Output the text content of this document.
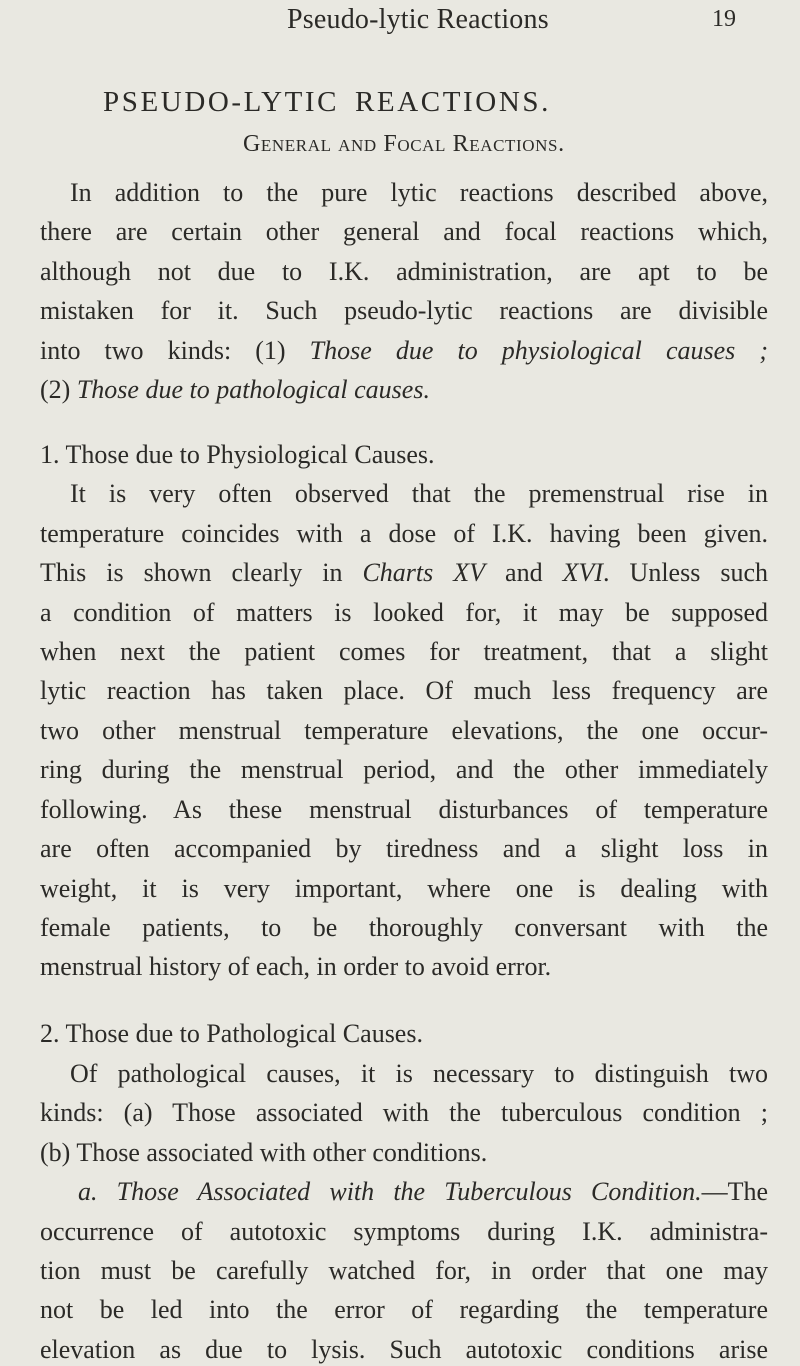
Pseudo-lytic Reactions	19
PSEUDO-LYTIC REACTIONS.
General and Focal Reactions.
In addition to the pure lytic reactions described above,
there are certain other general and focal reactions which,
although not due to I.K. administration, are apt to be
mistaken for it. Such pseudo-lytic reactions are divisible
into two kinds: (1) Those due to physiological causes ;
(2) Those due to pathological causes.
1. Those due to Physiological Causes.
It is very often observed that the premenstrual rise in
temperature coincides with a dose of I.K. having been given.
This is shown clearly in Charts XV and XVI. Unless such
a condition of matters is looked for, it may be supposed
when next the patient comes for treatment, that a slight
lytic reaction has taken place. Of much less frequency are
two other menstrual temperature elevations, the one occur-
ring during the menstrual period, and the other immediately
following. As these menstrual disturbances of temperature
are often accompanied by tiredness and a slight loss in
weight, it is very important, where one is dealing with
female patients, to be thoroughly conversant with the
menstrual history of each, in order to avoid error.
2. Those due to Pathological Causes.
Of pathological causes, it is necessary to distinguish two
kinds: (a) Those associated with the tuberculous condition ;
(b) Those associated with other conditions.
a. Those Associated with the Tuberculous Condition.—The
occurrence of autotoxic symptoms during I.K. administra-
tion must be carefully watched for, in order that one may
not be led into the error of regarding the temperature
elevation as due to lysis. Such autotoxic conditions arise
